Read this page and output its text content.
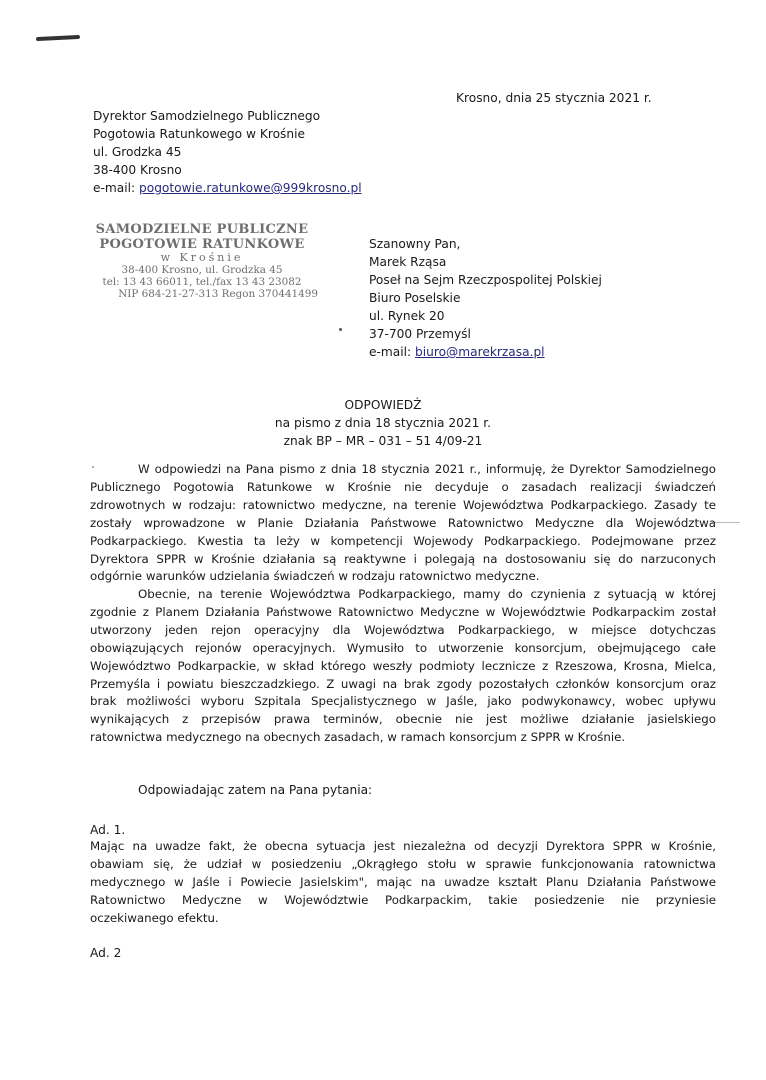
Krosno, dnia 25 stycznia 2021 r.
Dyrektor Samodzielnego Publicznego
Pogotowia Ratunkowego w Krośnie
ul. Grodzka 45
38-400 Krosno
e-mail: pogotowie.ratunkowe@999krosno.pl
SAMODZIELNE PUBLICZNE
POGOTOWIE RATUNKOWE
w Krośnie
38-400 Krosno, ul. Grodzka 45
tel: 13 43 66011, tel./fax 13 43 23082
NIP 684-21-27-313 Regon 370441499
Szanowny Pan,
Marek Rząsa
Poseł na Sejm Rzeczpospolitej Polskiej
Biuro Poselskie
ul. Rynek 20
37-700 Przemyśl
e-mail: biuro@marekrzasa.pl
ODPOWIEDŹ
na pismo z dnia 18 stycznia 2021 r.
znak BP – MR – 031 – 51 4/09-21
W odpowiedzi na Pana pismo z dnia 18 stycznia 2021 r., informuję, że Dyrektor Samodzielnego
Publicznego Pogotowia Ratunkowe w Krośnie nie decyduje o zasadach realizacji świadczeń
zdrowotnych w rodzaju: ratownictwo medyczne, na terenie Województwa Podkarpackiego. Zasady te
zostały wprowadzone w Planie Działania Państwowe Ratownictwo Medyczne dla Województwa
Podkarpackiego. Kwestia ta leży w kompetencji Wojewody Podkarpackiego. Podejmowane przez
Dyrektora SPPR w Krośnie działania są reaktywne i polegają na dostosowaniu się do narzuconych
odgórnie warunków udzielania świadczeń w rodzaju ratownictwo medyczne.
Obecnie, na terenie Województwa Podkarpackiego, mamy do czynienia z sytuacją w której
zgodnie z Planem Działania Państwowe Ratownictwo Medyczne w Województwie Podkarpackim został
utworzony jeden rejon operacyjny dla Województwa Podkarpackiego, w miejsce dotychczas
obowiązujących rejonów operacyjnych. Wymusiło to utworzenie konsorcjum, obejmującego całe
Województwo Podkarpackie, w skład którego weszły podmioty lecznicze z Rzeszowa, Krosna, Mielca,
Przemyśla i powiatu bieszczadzkiego. Z uwagi na brak zgody pozostałych członków konsorcjum oraz
brak możliwości wyboru Szpitala Specjalistycznego w Jaśle, jako podwykonawcy, wobec upływu
wynikających z przepisów prawa terminów, obecnie nie jest możliwe działanie jasielskiego
ratownictwa medycznego na obecnych zasadach, w ramach konsorcjum z SPPR w Krośnie.
Odpowiadając zatem na Pana pytania:
Ad. 1.
Mając na uwadze fakt, że obecna sytuacja jest niezależna od decyzji Dyrektora SPPR w Krośnie,
obawiam się, że udział w posiedzeniu „Okrągłego stołu w sprawie funkcjonowania ratownictwa
medycznego w Jaśle i Powiecie Jasielskim", mając na uwadze kształt Planu Działania Państwowe
Ratownictwo Medyczne w Województwie Podkarpackim, takie posiedzenie nie przyniesie
oczekiwanego efektu.
Ad. 2
